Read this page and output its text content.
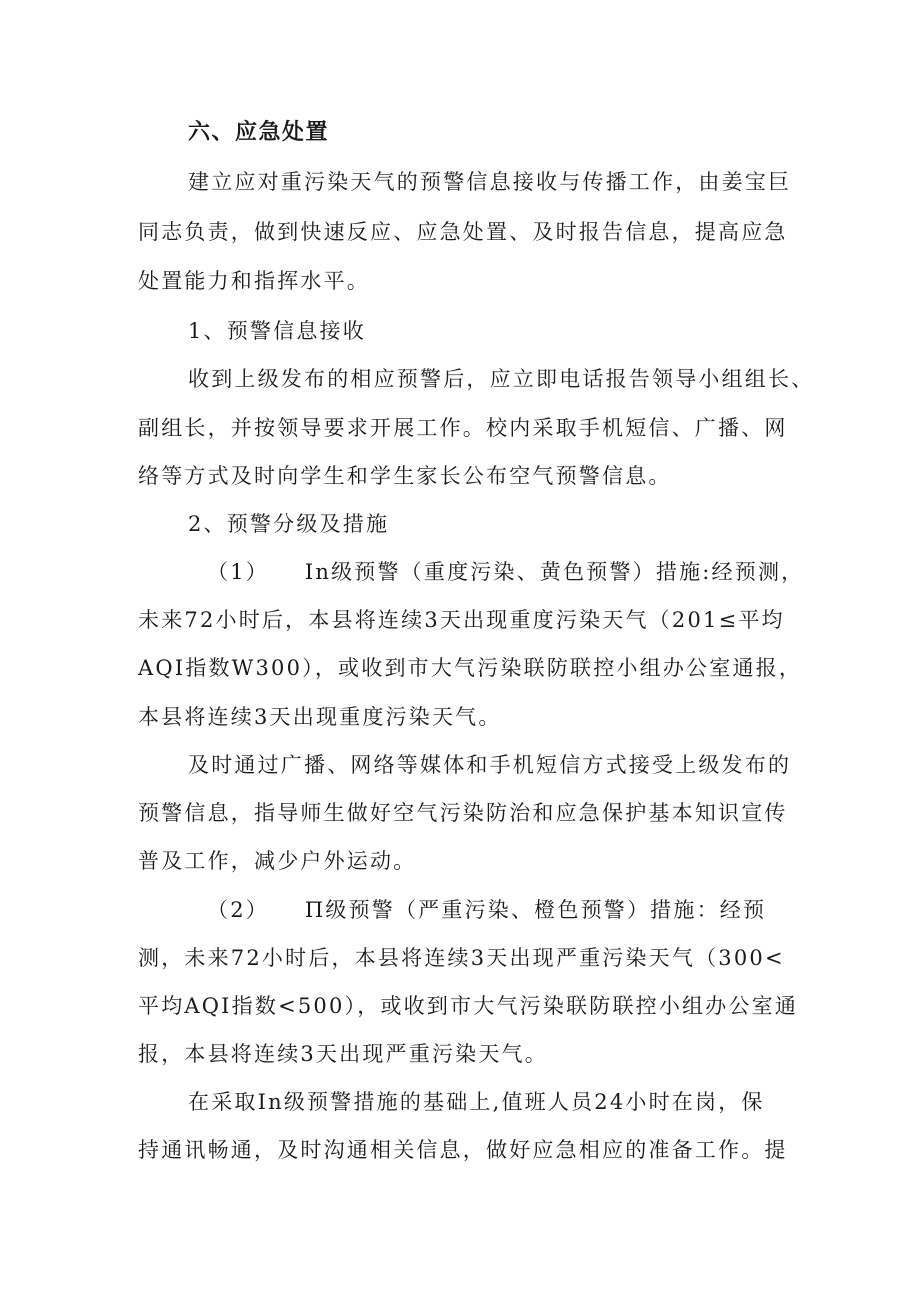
六、应急处置
建立应对重污染天气的预警信息接收与传播工作，由姜宝巨
同志负责，做到快速反应、应急处置、及时报告信息，提高应急
处置能力和指挥水平。
1、预警信息接收
收到上级发布的相应预警后，应立即电话报告领导小组组长、
副组长，并按领导要求开展工作。校内采取手机短信、广播、网
络等方式及时向学生和学生家长公布空气预警信息。
2、预警分级及措施
（1）　　In级预警（重度污染、黄色预警）措施:经预测，
未来72小时后，本县将连续3天出现重度污染天气（201≤平均
AQI指数W300），或收到市大气污染联防联控小组办公室通报，
本县将连续3天出现重度污染天气。
及时通过广播、网络等媒体和手机短信方式接受上级发布的
预警信息，指导师生做好空气污染防治和应急保护基本知识宣传
普及工作，减少户外运动。
（2）　　Π级预警（严重污染、橙色预警）措施：经预
测，未来72小时后，本县将连续3天出现严重污染天气（300<
平均AQI指数<500），或收到市大气污染联防联控小组办公室通
报，本县将连续3天出现严重污染天气。
在采取In级预警措施的基础上,值班人员24小时在岗，保
持通讯畅通，及时沟通相关信息，做好应急相应的准备工作。提
